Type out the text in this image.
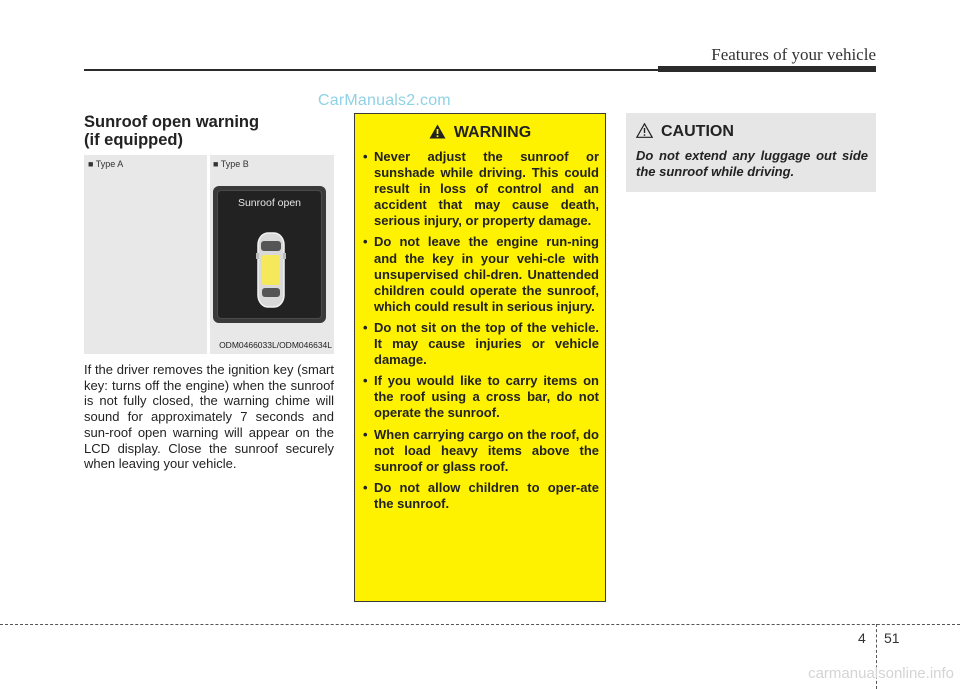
Features of your vehicle
CarManuals2.com
Sunroof open warning
(if equipped)
■ Type A	■ Type B
Sunroof open
ODM0466033L/ODM046634L
If the driver removes the ignition key (smart key: turns off the engine) when the sunroof is not fully closed, the warning chime will sound for approximately 7 seconds and sun-roof open warning will appear on the LCD display. Close the sunroof securely when leaving your vehicle.
WARNING
• Never adjust the sunroof or sunshade while driving. This could result in loss of control and an accident that may cause death, serious injury, or property damage.
• Do not leave the engine run-ning and the key in your vehi-cle with unsupervised chil-dren. Unattended children could operate the sunroof, which could result in serious injury.
• Do not sit on the top of the vehicle. It may cause injuries or vehicle damage.
• If you would like to carry items on the roof using a cross bar, do not operate the sunroof.
• When carrying cargo on the roof, do not load heavy items above the sunroof or glass roof.
• Do not allow children to oper-ate the sunroof.
CAUTION
Do not extend any luggage out side the sunroof while driving.
4 51
carmanualsonline.info
